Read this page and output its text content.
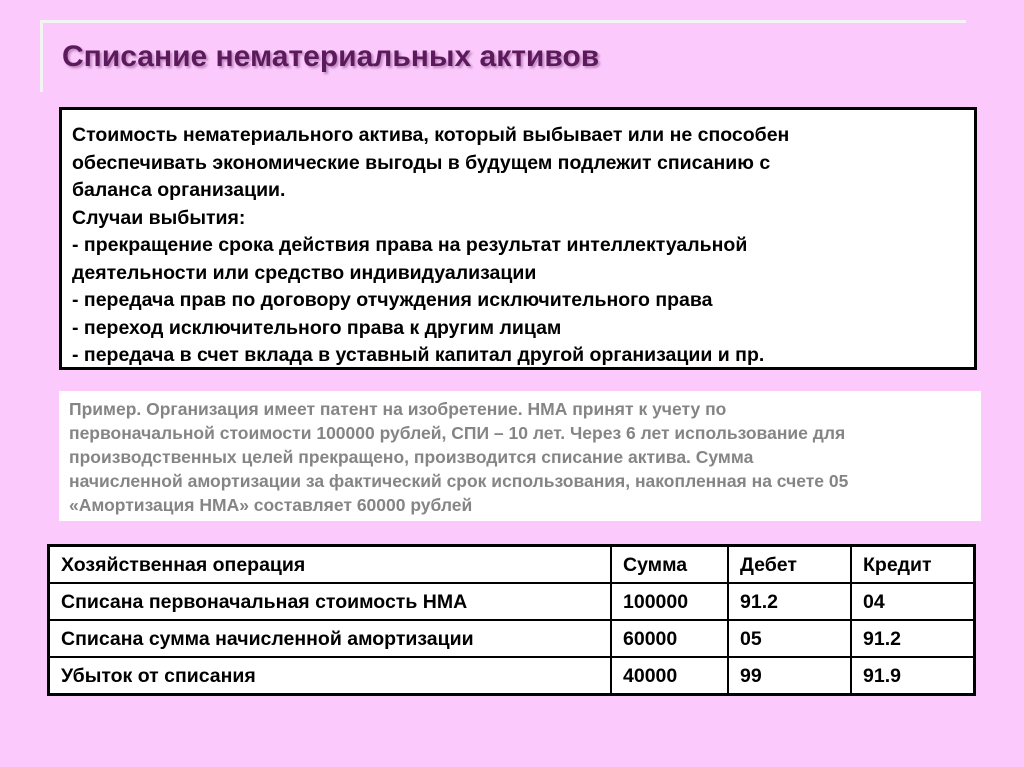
Списание нематериальных активов

Стоимость нематериального актива, который выбывает или не способен

обеспечивать экономические выгоды в будущем подлежит списанию с

баланса организации.

Случаи выбытия:

- прекращение срока действия права на результат интеллектуальной

деятельности или средство индивидуализации

- передача прав по договору отчуждения исключительного права

- переход исключительного права к другим лицам

- передача в счет вклада в уставный капитал другой организации и пр.

Пример. Организация имеет патент на изобретение. НМА принят к учету по

первоначальной стоимости 100000 рублей, СПИ – 10 лет. Через 6 лет использование для

производственных целей прекращено, производится списание актива. Сумма

начисленной амортизации за фактический срок использования, накопленная на счете 05

«Амортизация НМА» составляет 60000 рублей

Хозяйственная операция	Сумма	Дебет	Кредит
Списана первоначальная стоимость НМА	100000	91.2	04
Списана сумма начисленной амортизации	60000	05	91.2
Убыток от списания	40000	99	91.9
